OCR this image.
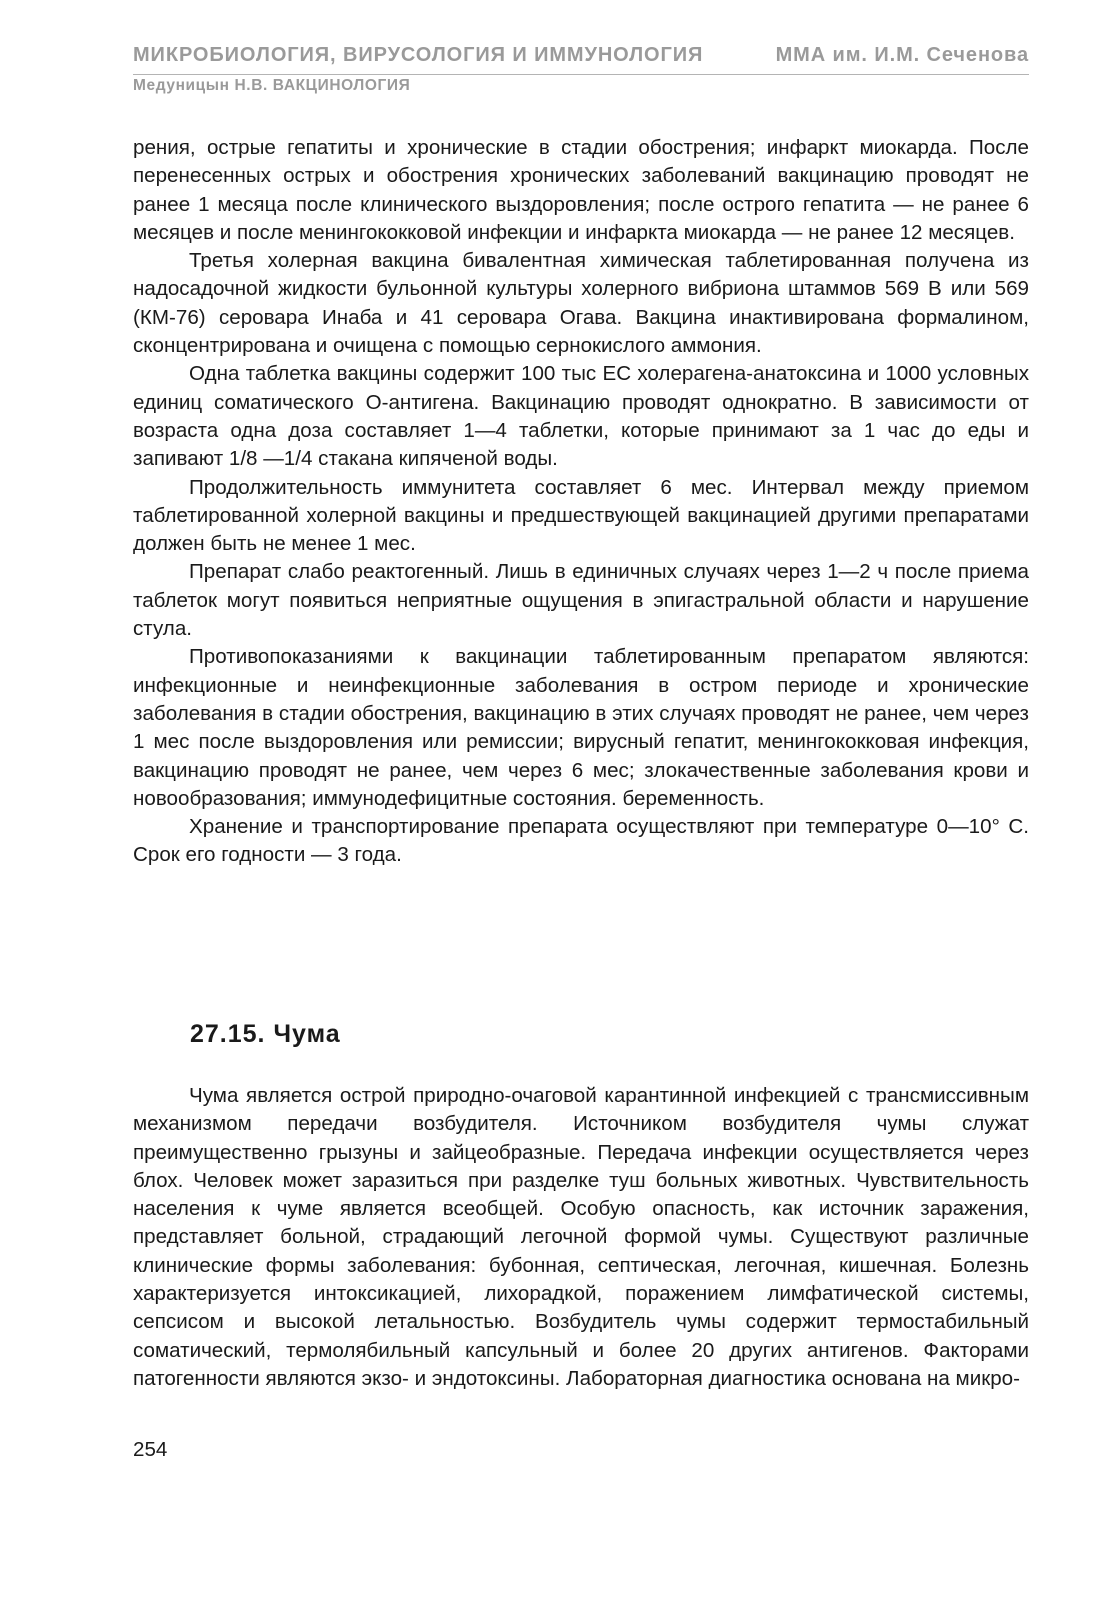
МИКРОБИОЛОГИЯ, ВИРУСОЛОГИЯ И ИММУНОЛОГИЯ	ММА им. И.М. Сеченова
Медуницын Н.В. ВАКЦИНОЛОГИЯ

рения, острые гепатиты и хронические в стадии обострения; инфаркт миокарда. После перенесенных острых и обострения хронических заболеваний вакцинацию проводят не ранее 1 месяца после клинического выздоровления; после острого гепатита — не ранее 6 месяцев и после менингококковой инфекции и инфаркта миокарда — не ранее 12 месяцев.

Третья холерная вакцина бивалентная химическая таблетированная получена из надосадочной жидкости бульонной культуры холерного вибриона штаммов 569 В или 569 (КМ-76) серовара Инаба и 41 серовара Огава. Вакцина инактивирована формалином, сконцентрирована и очищена с помощью сернокислого аммония.

Одна таблетка вакцины содержит 100 тыс ЕС холерагена-анатоксина и 1000 условных единиц соматического О-антигена. Вакцинацию проводят однократно. В зависимости от возраста одна доза составляет 1—4 таблетки, которые принимают за 1 час до еды и запивают 1/8 —1/4 стакана кипяченой воды.

Продолжительность иммунитета составляет 6 мес. Интервал между приемом таблетированной холерной вакцины и предшествующей вакцинацией другими препаратами должен быть не менее 1 мес.

Препарат слабо реактогенный. Лишь в единичных случаях через 1—2 ч после приема таблеток могут появиться неприятные ощущения в эпигастральной области и нарушение стула.

Противопоказаниями к вакцинации таблетированным препаратом являются: инфекционные и неинфекционные заболевания в остром периоде и хронические заболевания в стадии обострения, вакцинацию в этих случаях проводят не ранее, чем через 1 мес после выздоровления или ремиссии; вирусный гепатит, менингококковая инфекция, вакцинацию проводят не ранее, чем через 6 мес; злокачественные заболевания крови и новообразования; иммунодефицитные состояния. беременность.

Хранение и транспортирование препарата осуществляют при температуре 0—10° С. Срок его годности — 3 года.

27.15. Чума

Чума является острой природно-очаговой карантинной инфекцией с трансмиссивным механизмом передачи возбудителя. Источником возбудителя чумы служат преимущественно грызуны и зайцеобразные. Передача инфекции осуществляется через блох. Человек может заразиться при разделке туш больных животных. Чувствительность населения к чуме является всеобщей. Особую опасность, как источник заражения, представляет больной, страдающий легочной формой чумы. Существуют различные клинические формы заболевания: бубонная, септическая, легочная, кишечная. Болезнь характеризуется интоксикацией, лихорадкой, поражением лимфатической системы, сепсисом и высокой летальностью. Возбудитель чумы содержит термостабильный соматический, термолябильный капсульный и более 20 других антигенов. Факторами патогенности являются экзо- и эндотоксины. Лабораторная диагностика основана на микро-

254
